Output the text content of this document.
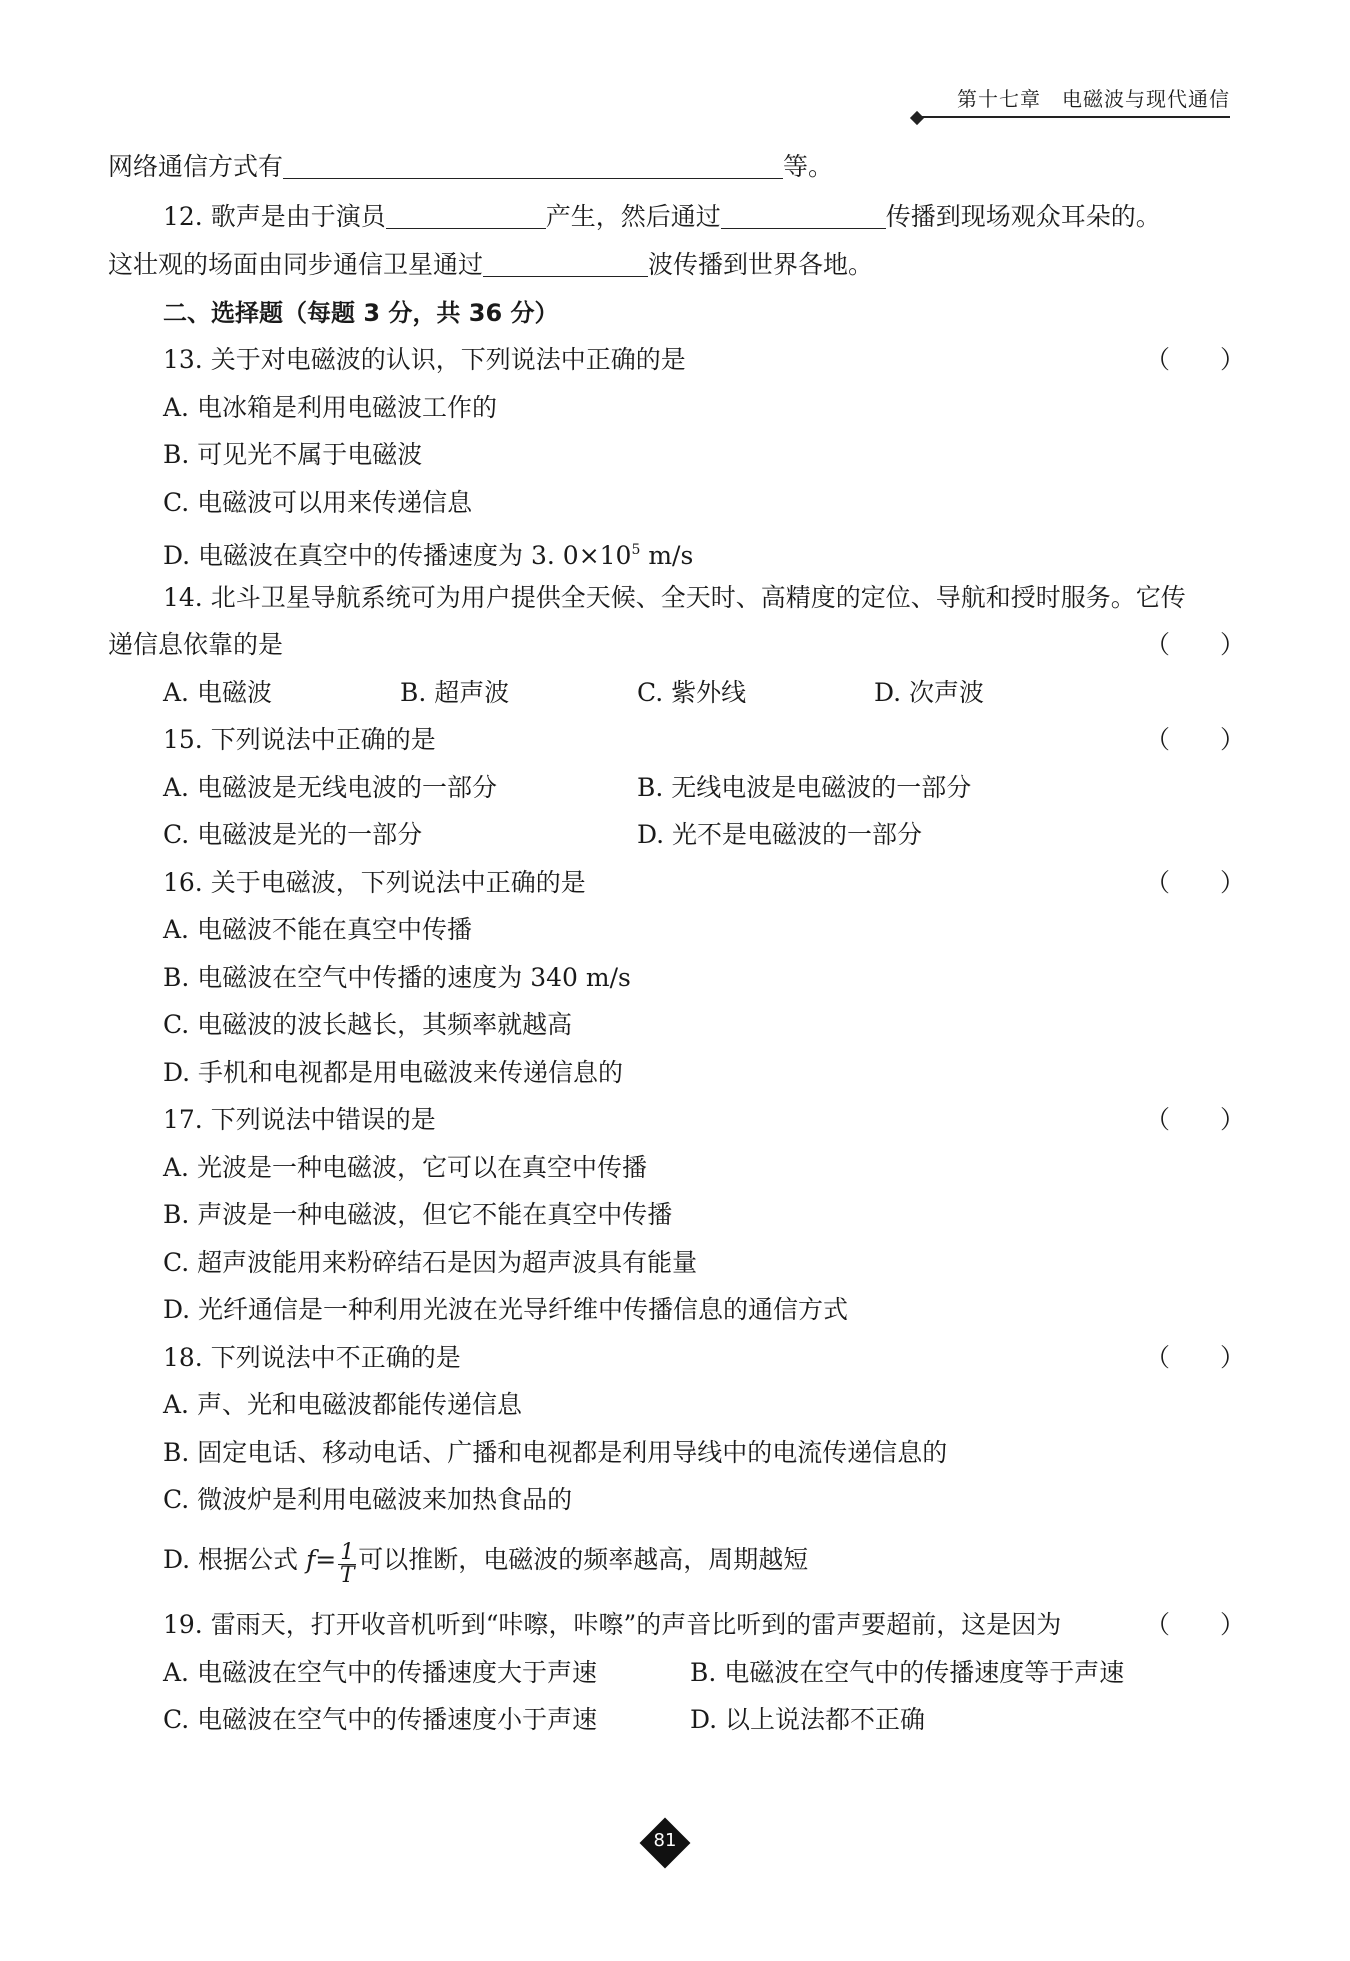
第十七章　电磁波与现代通信
网络通信方式有	等。
12. 歌声是由于演员	产生，然后通过	传播到现场观众耳朵的。
这壮观的场面由同步通信卫星通过	波传播到世界各地。
二、选择题（每题 3 分，共 36 分）
13. 关于对电磁波的认识，下列说法中正确的是	（　　）
A. 电冰箱是利用电磁波工作的
B. 可见光不属于电磁波
C. 电磁波可以用来传递信息
D. 电磁波在真空中的传播速度为 3. $0\times 10^5$ m/s
14. 北斗卫星导航系统可为用户提供全天候、全天时、高精度的定位、导航和授时服务。它传
递信息依靠的是	（　　）
A. 电磁波	B. 超声波	C. 紫外线	D. 次声波
15. 下列说法中正确的是	（　　）
A. 电磁波是无线电波的一部分	B. 无线电波是电磁波的一部分
C. 电磁波是光的一部分	D. 光不是电磁波的一部分
16. 关于电磁波，下列说法中正确的是	（　　）
A. 电磁波不能在真空中传播
B. 电磁波在空气中传播的速度为 340 m/s
C. 电磁波的波长越长，其频率就越高
D. 手机和电视都是用电磁波来传递信息的
17. 下列说法中错误的是	（　　）
A. 光波是一种电磁波，它可以在真空中传播
B. 声波是一种电磁波，但它不能在真空中传播
C. 超声波能用来粉碎结石是因为超声波具有能量
D. 光纤通信是一种利用光波在光导纤维中传播信息的通信方式
18. 下列说法中不正确的是	（　　）
A. 声、光和电磁波都能传递信息
B. 固定电话、移动电话、广播和电视都是利用导线中的电流传递信息的
C. 微波炉是利用电磁波来加热食品的
D. 根据公式 $f= \frac{1}{T}$ 可以推断，电磁波的频率越高，周期越短
19. 雷雨天，打开收音机听到“咔嚓，咔嚓”的声音比听到的雷声要超前，这是因为	（　　）
A. 电磁波在空气中的传播速度大于声速	B. 电磁波在空气中的传播速度等于声速
C. 电磁波在空气中的传播速度小于声速	D. 以上说法都不正确
81
